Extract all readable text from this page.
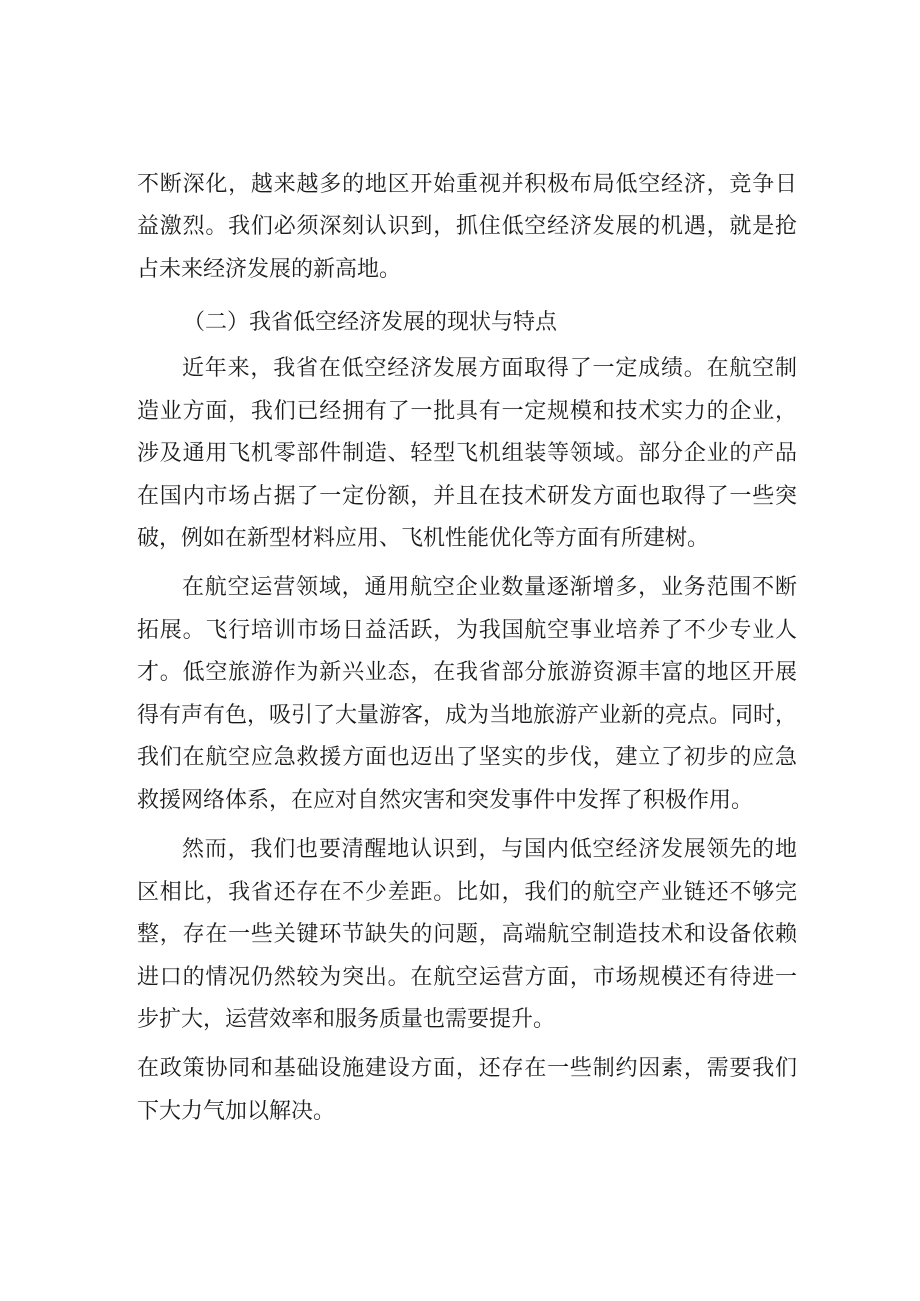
不断深化，越来越多的地区开始重视并积极布局低空经济，竞争日
益激烈。我们必须深刻认识到，抓住低空经济发展的机遇，就是抢
占未来经济发展的新高地。
（二）我省低空经济发展的现状与特点
近年来，我省在低空经济发展方面取得了一定成绩。在航空制
造业方面，我们已经拥有了一批具有一定规模和技术实力的企业，
涉及通用飞机零部件制造、轻型飞机组装等领域。部分企业的产品
在国内市场占据了一定份额，并且在技术研发方面也取得了一些突
破，例如在新型材料应用、飞机性能优化等方面有所建树。
在航空运营领域，通用航空企业数量逐渐增多，业务范围不断
拓展。飞行培训市场日益活跃，为我国航空事业培养了不少专业人
才。低空旅游作为新兴业态，在我省部分旅游资源丰富的地区开展
得有声有色，吸引了大量游客，成为当地旅游产业新的亮点。同时，
我们在航空应急救援方面也迈出了坚实的步伐，建立了初步的应急
救援网络体系，在应对自然灾害和突发事件中发挥了积极作用。
然而，我们也要清醒地认识到，与国内低空经济发展领先的地
区相比，我省还存在不少差距。比如，我们的航空产业链还不够完
整，存在一些关键环节缺失的问题，高端航空制造技术和设备依赖
进口的情况仍然较为突出。在航空运营方面，市场规模还有待进一
步扩大，运营效率和服务质量也需要提升。
在政策协同和基础设施建设方面，还存在一些制约因素，需要我们
下大力气加以解决。
